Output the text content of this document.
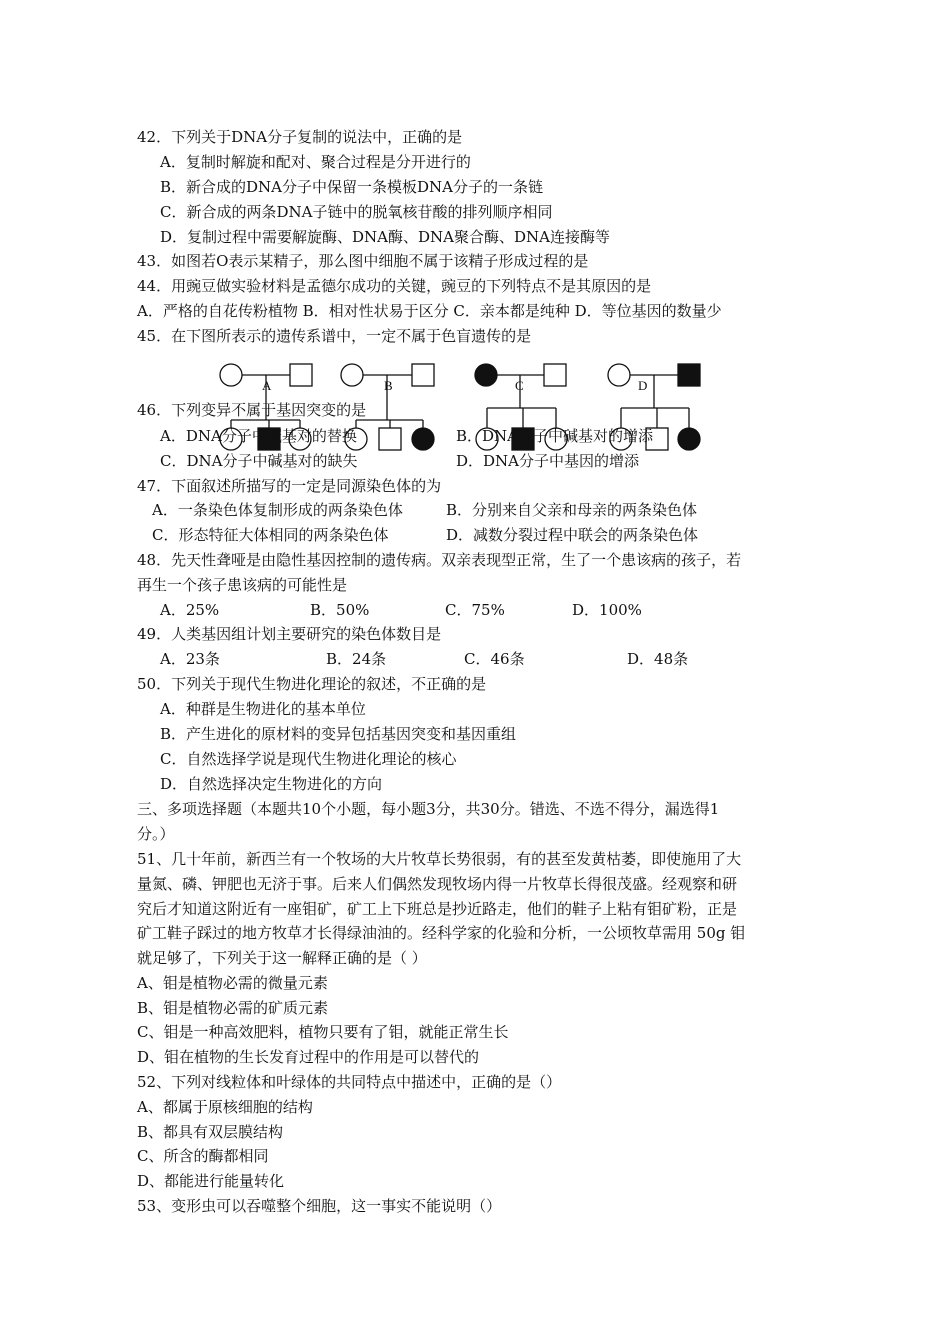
42．下列关于DNA分子复制的说法中，正确的是
A．复制时解旋和配对、聚合过程是分开进行的
B．新合成的DNA分子中保留一条模板DNA分子的一条链
C．新合成的两条DNA子链中的脱氧核苷酸的排列顺序相同
D．复制过程中需要解旋酶、DNA酶、DNA聚合酶、DNA连接酶等
43．如图若O表示某精子，那么图中细胞不属于该精子形成过程的是
44．用豌豆做实验材料是孟德尔成功的关键，豌豆的下列特点不是其原因的是
A．严格的自花传粉植物 B．相对性状易于区分 C．亲本都是纯种 D．等位基因的数量少
45．在下图所表示的遗传系谱中，一定不属于色盲遗传的是
A	B	C	D
46．下列变异不属于基因突变的是
A．DNA分子中碱基对的替换	B．DNA分子中碱基对的增添
C．DNA分子中碱基对的缺失	D．DNA分子中基因的增添
47．下面叙述所描写的一定是同源染色体的为
A．一条染色体复制形成的两条染色体	B．分别来自父亲和母亲的两条染色体
C．形态特征大体相同的两条染色体	D．减数分裂过程中联会的两条染色体
48．先天性聋哑是由隐性基因控制的遗传病。双亲表现型正常，生了一个患该病的孩子，若
再生一个孩子患该病的可能性是
A．25%	B．50%	C．75%	D．100%
49．人类基因组计划主要研究的染色体数目是
A．23条	B．24条	C．46条	D．48条
50．下列关于现代生物进化理论的叙述，不正确的是
A．种群是生物进化的基本单位
B．产生进化的原材料的变异包括基因突变和基因重组
C．自然选择学说是现代生物进化理论的核心
D．自然选择决定生物进化的方向
三、多项选择题（本题共10个小题，每小题3分，共30分。错选、不选不得分，漏选得1
分。）
51、几十年前，新西兰有一个牧场的大片牧草长势很弱，有的甚至发黄枯萎，即使施用了大
量氮、磷、钾肥也无济于事。后来人们偶然发现牧场内得一片牧草长得很茂盛。经观察和研
究后才知道这附近有一座钼矿，矿工上下班总是抄近路走，他们的鞋子上粘有钼矿粉，正是
矿工鞋子踩过的地方牧草才长得绿油油的。经科学家的化验和分析，一公顷牧草需用 50g 钼
就足够了，下列关于这一解释正确的是（ ）
A、钼是植物必需的微量元素
B、钼是植物必需的矿质元素
C、钼是一种高效肥料，植物只要有了钼，就能正常生长
D、钼在植物的生长发育过程中的作用是可以替代的
52、下列对线粒体和叶绿体的共同特点中描述中，正确的是（）
A、都属于原核细胞的结构
B、都具有双层膜结构
C、所含的酶都相同
D、都能进行能量转化
53、变形虫可以吞噬整个细胞，这一事实不能说明（）
